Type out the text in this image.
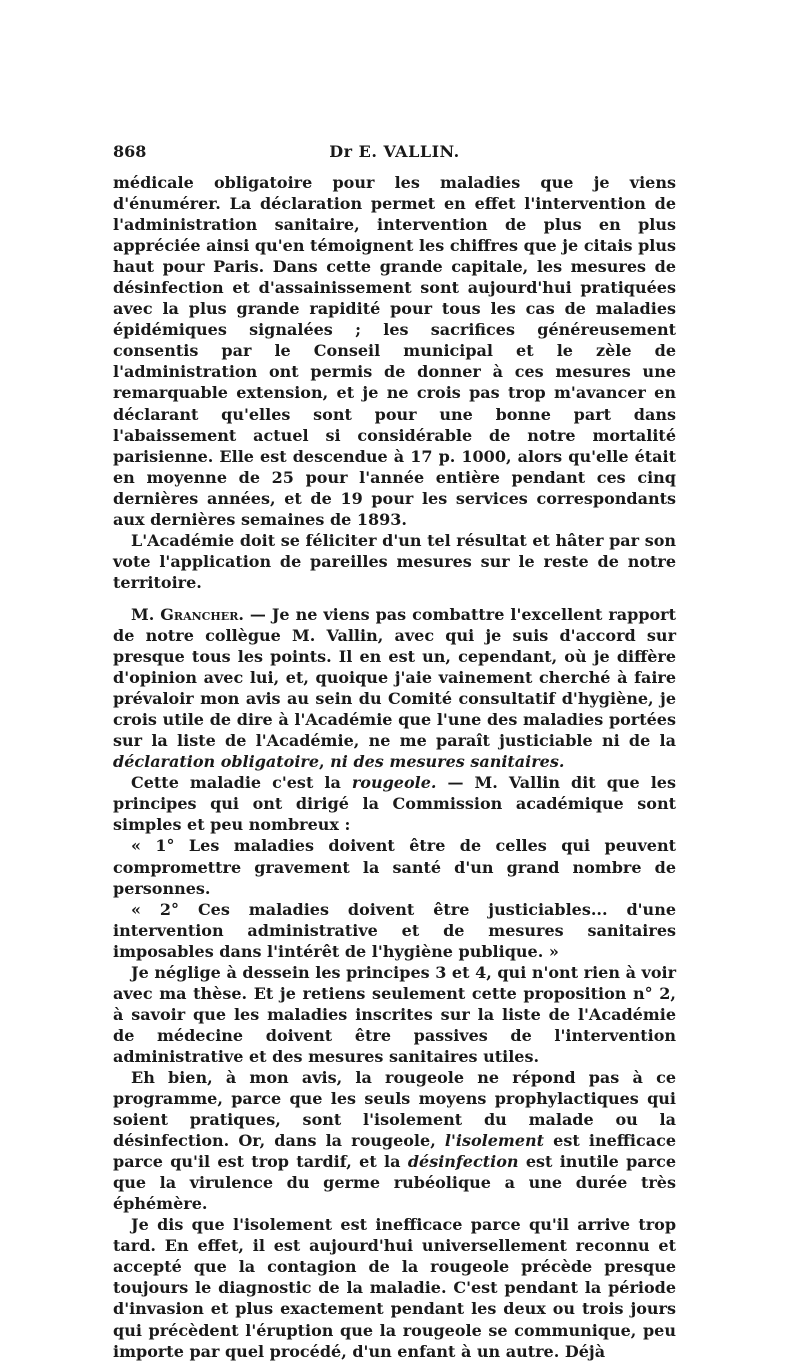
868	Dr E. VALLIN.

médicale obligatoire pour les maladies que je viens d'énumérer. La déclaration permet en effet l'intervention de l'administration sanitaire, intervention de plus en plus appréciée ainsi qu'en témoignent les chiffres que je citais plus haut pour Paris. Dans cette grande capitale, les mesures de désinfection et d'assainissement sont aujourd'hui pratiquées avec la plus grande rapidité pour tous les cas de maladies épidémiques signalées ; les sacrifices généreusement consentis par le Conseil municipal et le zèle de l'administration ont permis de donner à ces mesures une remarquable extension, et je ne crois pas trop m'avancer en déclarant qu'elles sont pour une bonne part dans l'abaissement actuel si considérable de notre mortalité parisienne. Elle est descendue à 17 p. 1000, alors qu'elle était en moyenne de 25 pour l'année entière pendant ces cinq dernières années, et de 19 pour les services correspondants aux dernières semaines de 1893.

L'Académie doit se féliciter d'un tel résultat et hâter par son vote l'application de pareilles mesures sur le reste de notre territoire.

M. Grancher. — Je ne viens pas combattre l'excellent rapport de notre collègue M. Vallin, avec qui je suis d'accord sur presque tous les points. Il en est un, cependant, où je diffère d'opinion avec lui, et, quoique j'aie vainement cherché à faire prévaloir mon avis au sein du Comité consultatif d'hygiène, je crois utile de dire à l'Académie que l'une des maladies portées sur la liste de l'Académie, ne me paraît justiciable ni de la déclaration obligatoire, ni des mesures sanitaires.

Cette maladie c'est la rougeole. — M. Vallin dit que les principes qui ont dirigé la Commission académique sont simples et peu nombreux :

« 1° Les maladies doivent être de celles qui peuvent compromettre gravement la santé d'un grand nombre de personnes.

« 2° Ces maladies doivent être justiciables... d'une intervention administrative et de mesures sanitaires imposables dans l'intérêt de l'hygiène publique. »

Je néglige à dessein les principes 3 et 4, qui n'ont rien à voir avec ma thèse. Et je retiens seulement cette proposition n° 2, à savoir que les maladies inscrites sur la liste de l'Académie de médecine doivent être passives de l'intervention administrative et des mesures sanitaires utiles.

Eh bien, à mon avis, la rougeole ne répond pas à ce programme, parce que les seuls moyens prophylactiques qui soient pratiques, sont l'isolement du malade ou la désinfection. Or, dans la rougeole, l'isolement est inefficace parce qu'il est trop tardif, et la désinfection est inutile parce que la virulence du germe rubéolique a une durée très éphémère.

Je dis que l'isolement est inefficace parce qu'il arrive trop tard. En effet, il est aujourd'hui universellement reconnu et accepté que la contagion de la rougeole précède presque toujours le diagnostic de la maladie. C'est pendant la période d'invasion et plus exactement pendant les deux ou trois jours qui précèdent l'éruption que la rougeole se communique, peu importe par quel procédé, d'un enfant à un autre. Déjà
